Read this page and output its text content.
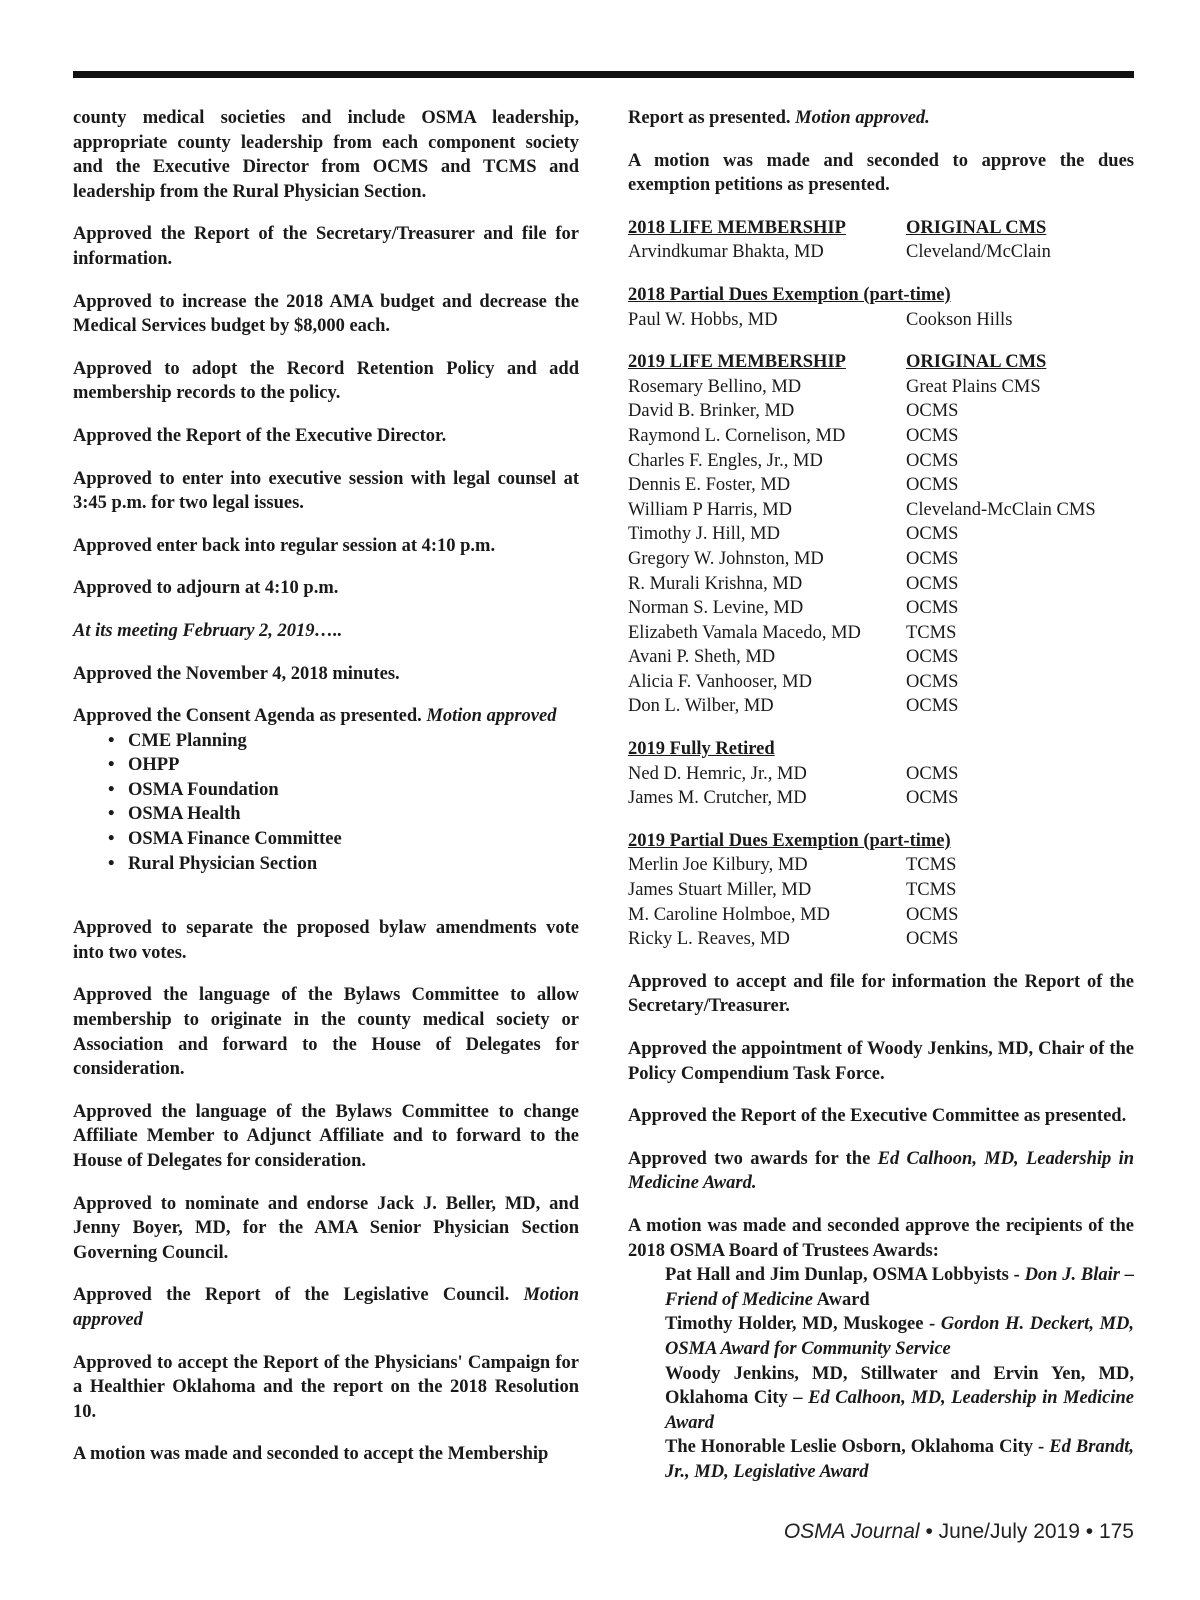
county medical societies and include OSMA leadership, appropriate county leadership from each component society and the Executive Director from OCMS and TCMS and leadership from the Rural Physician Section.

Approved the Report of the Secretary/Treasurer and file for information.

Approved to increase the 2018 AMA budget and decrease the Medical Services budget by $8,000 each.

Approved to adopt the Record Retention Policy and add membership records to the policy.

Approved the Report of the Executive Director.

Approved to enter into executive session with legal counsel at 3:45 p.m. for two legal issues.

Approved enter back into regular session at 4:10 p.m.

Approved to adjourn at 4:10 p.m.

At its meeting February 2, 2019…..

Approved the November 4, 2018 minutes.

Approved the Consent Agenda as presented. Motion approved

• CME Planning
• OHPP
• OSMA Foundation
• OSMA Health
• OSMA Finance Committee
• Rural Physician Section

Approved to separate the proposed bylaw amendments vote into two votes.

Approved the language of the Bylaws Committee to allow membership to originate in the county medical society or Association and forward to the House of Delegates for consideration.

Approved the language of the Bylaws Committee to change Affiliate Member to Adjunct Affiliate and to forward to the House of Delegates for consideration.

Approved to nominate and endorse Jack J. Beller, MD, and Jenny Boyer, MD, for the AMA Senior Physician Section Governing Council.

Approved the Report of the Legislative Council. Motion approved

Approved to accept the Report of the Physicians' Campaign for a Healthier Oklahoma and the report on the 2018 Resolution 10.

A motion was made and seconded to accept the Membership

Report as presented. Motion approved.

A motion was made and seconded to approve the dues exemption petitions as presented.

2018 LIFE MEMBERSHIP	ORIGINAL CMS
Arvindkumar Bhakta, MD	Cleveland/McClain
2018 Partial Dues Exemption (part-time)
Paul W. Hobbs, MD	Cookson Hills
2019 LIFE MEMBERSHIP	ORIGINAL CMS
Rosemary Bellino, MD	Great Plains CMS
David B. Brinker, MD	OCMS
Raymond L. Cornelison, MD	OCMS
Charles F. Engles, Jr., MD	OCMS
Dennis E. Foster, MD	OCMS
William P Harris, MD	Cleveland-McClain CMS
Timothy J. Hill, MD	OCMS
Gregory W. Johnston, MD	OCMS
R. Murali Krishna, MD	OCMS
Norman S. Levine, MD	OCMS
Elizabeth Vamala Macedo, MD	TCMS
Avani P. Sheth, MD	OCMS
Alicia F. Vanhooser, MD	OCMS
Don L. Wilber, MD	OCMS
2019 Fully Retired
Ned D. Hemric, Jr., MD	OCMS
James M. Crutcher, MD	OCMS
2019 Partial Dues Exemption (part-time)
Merlin Joe Kilbury, MD	TCMS
James Stuart Miller, MD	TCMS
M. Caroline Holmboe, MD	OCMS
Ricky L. Reaves, MD	OCMS

Approved to accept and file for information the Report of the Secretary/Treasurer.

Approved the appointment of Woody Jenkins, MD, Chair of the Policy Compendium Task Force.

Approved the Report of the Executive Committee as presented.

Approved two awards for the Ed Calhoon, MD, Leadership in Medicine Award.

A motion was made and seconded approve the recipients of the 2018 OSMA Board of Trustees Awards:

Pat Hall and Jim Dunlap, OSMA Lobbyists - Don J. Blair – Friend of Medicine Award
Timothy Holder, MD, Muskogee - Gordon H. Deckert, MD, OSMA Award for Community Service
Woody Jenkins, MD, Stillwater and Ervin Yen, MD, Oklahoma City – Ed Calhoon, MD, Leadership in Medicine Award
The Honorable Leslie Osborn, Oklahoma City - Ed Brandt, Jr., MD, Legislative Award
OSMA Journal • June/July 2019 • 175
